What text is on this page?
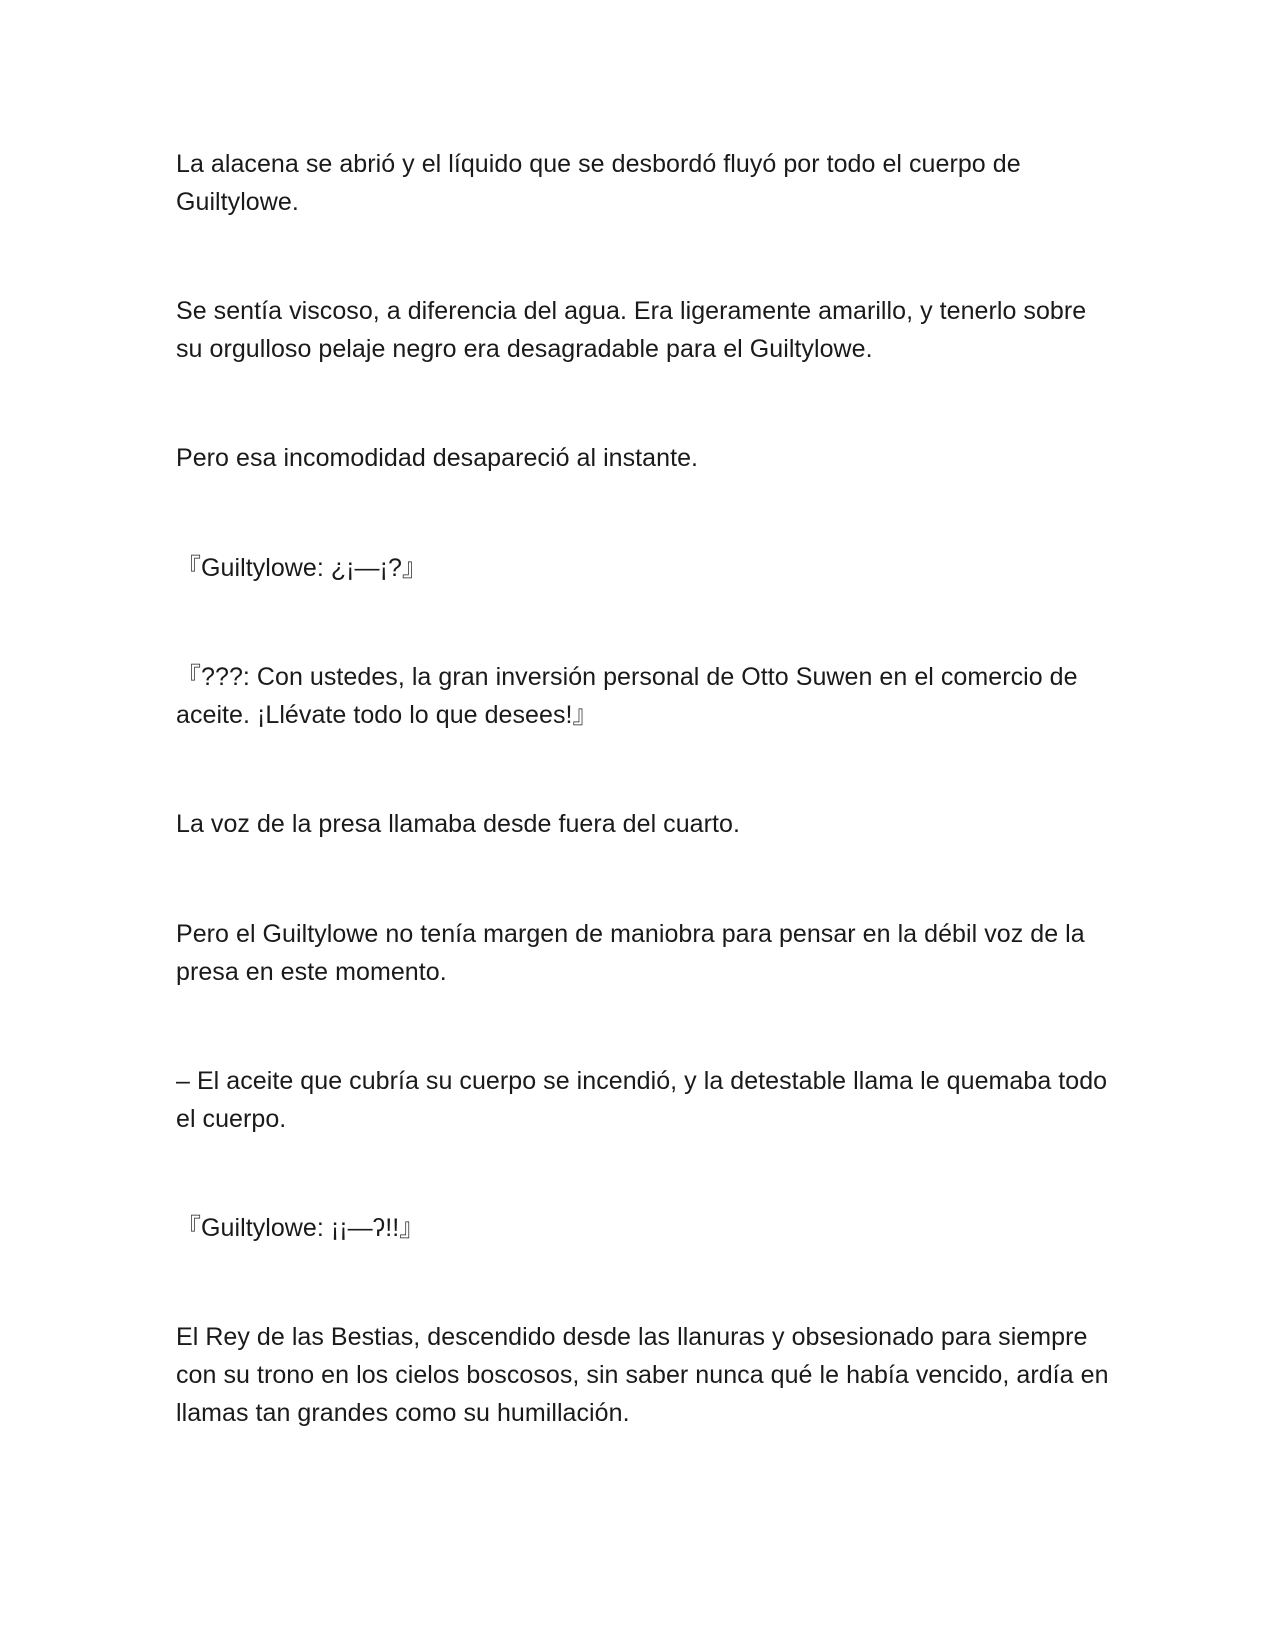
La alacena se abrió y el líquido que se desbordó fluyó por todo el cuerpo de Guiltylowe.

Se sentía viscoso, a diferencia del agua. Era ligeramente amarillo, y tenerlo sobre su orgulloso pelaje negro era desagradable para el Guiltylowe.

Pero esa incomodidad desapareció al instante.

『Guiltylowe: ¿¡—¡?』

『???: Con ustedes, la gran inversión personal de Otto Suwen en el comercio de aceite. ¡Llévate todo lo que desees!』

La voz de la presa llamaba desde fuera del cuarto.

Pero el Guiltylowe no tenía margen de maniobra para pensar en la débil voz de la presa en este momento.

– El aceite que cubría su cuerpo se incendió, y la detestable llama le quemaba todo el cuerpo.

『Guiltylowe: ¡¡—ʔ!!』

El Rey de las Bestias, descendido desde las llanuras y obsesionado para siempre con su trono en los cielos boscosos, sin saber nunca qué le había vencido, ardía en llamas tan grandes como su humillación.
